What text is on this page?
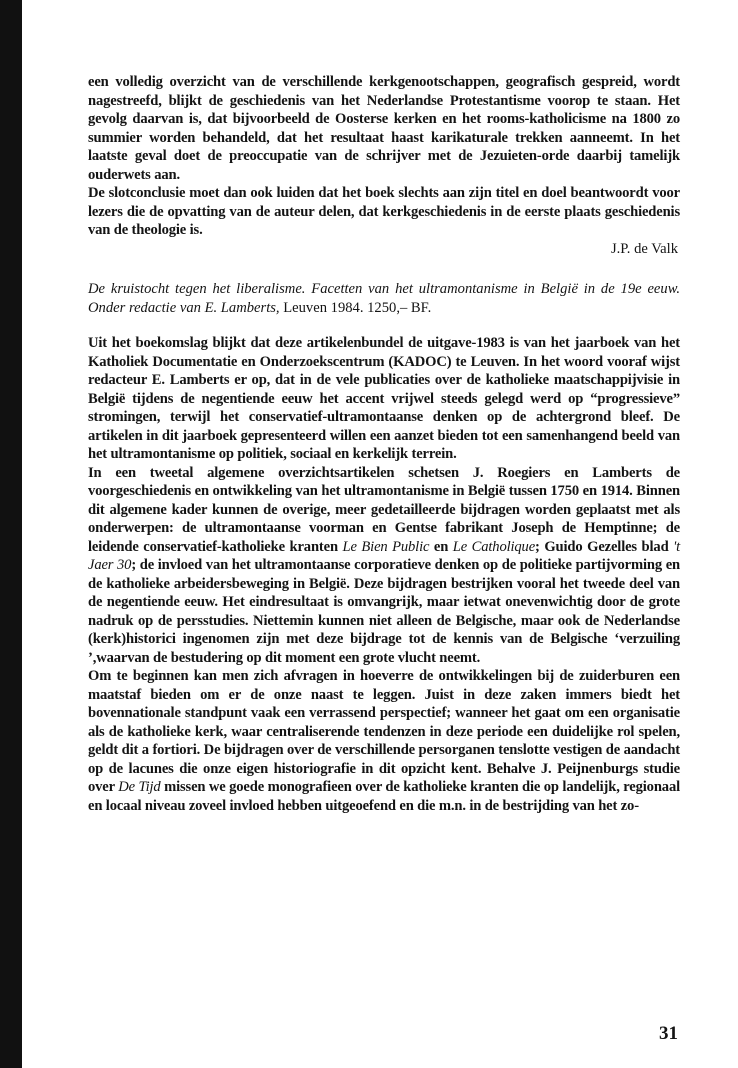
een volledig overzicht van de verschillende kerkgenootschappen, geografisch gespreid, wordt nagestreefd, blijkt de geschiedenis van het Nederlandse Protestantisme voorop te staan. Het gevolg daarvan is, dat bijvoorbeeld de Oosterse kerken en het rooms-katholicisme na 1800 zo summier worden behandeld, dat het resultaat haast karikaturale trekken aanneemt. In het laatste geval doet de preoccupatie van de schrijver met de Jezuieten-orde daarbij tamelijk ouderwets aan.

De slotconclusie moet dan ook luiden dat het boek slechts aan zijn titel en doel beantwoordt voor lezers die de opvatting van de auteur delen, dat kerkgeschiedenis in de eerste plaats geschiedenis van de theologie is.

J.P. de Valk

De kruistocht tegen het liberalisme. Facetten van het ultramontanisme in België in de 19e eeuw. Onder redactie van E. Lamberts, Leuven 1984. 1250,– BF.

Uit het boekomslag blijkt dat deze artikelenbundel de uitgave-1983 is van het jaarboek van het Katholiek Documentatie en Onderzoekscentrum (KADOC) te Leuven. In het woord vooraf wijst redacteur E. Lamberts er op, dat in de vele publicaties over de katholieke maatschappijvisie in België tijdens de negentiende eeuw het accent vrijwel steeds gelegd werd op “progressieve” stromingen, terwijl het conservatief-ultramontaanse denken op de achtergrond bleef. De artikelen in dit jaarboek gepresenteerd willen een aanzet bieden tot een samenhangend beeld van het ultramontanisme op politiek, sociaal en kerkelijk terrein.

In een tweetal algemene overzichtsartikelen schetsen J. Roegiers en Lamberts de voorgeschiedenis en ontwikkeling van het ultramontanisme in België tussen 1750 en 1914. Binnen dit algemene kader kunnen de overige, meer gedetailleerde bijdragen worden geplaatst met als onderwerpen: de ultramontaanse voorman en Gentse fabrikant Joseph de Hemptinne; de leidende conservatief-katholieke kranten Le Bien Public en Le Catholique; Guido Gezelles blad 't Jaer 30; de invloed van het ultramontaanse corporatieve denken op de politieke partijvorming en de katholieke arbeidersbeweging in België. Deze bijdragen bestrijken vooral het tweede deel van de negentiende eeuw. Het eindresultaat is omvangrijk, maar ietwat onevenwichtig door de grote nadruk op de persstudies. Niettemin kunnen niet alleen de Belgische, maar ook de Nederlandse (kerk)historici ingenomen zijn met deze bijdrage tot de kennis van de Belgische ‘verzuiling ’,waarvan de bestudering op dit moment een grote vlucht neemt.

Om te beginnen kan men zich afvragen in hoeverre de ontwikkelingen bij de zuiderburen een maatstaf bieden om er de onze naast te leggen. Juist in deze zaken immers biedt het bovennationale standpunt vaak een verrassend perspectief; wanneer het gaat om een organisatie als de katholieke kerk, waar centraliserende tendenzen in deze periode een duidelijke rol spelen, geldt dit a fortiori. De bijdragen over de verschillende persorganen tenslotte vestigen de aandacht op de lacunes die onze eigen historiografie in dit opzicht kent. Behalve J. Peijnenburgs studie over De Tijd missen we goede monografieen over de katholieke kranten die op landelijk, regionaal en locaal niveau zoveel invloed hebben uitgeoefend en die m.n. in de bestrijding van het zo-

31
